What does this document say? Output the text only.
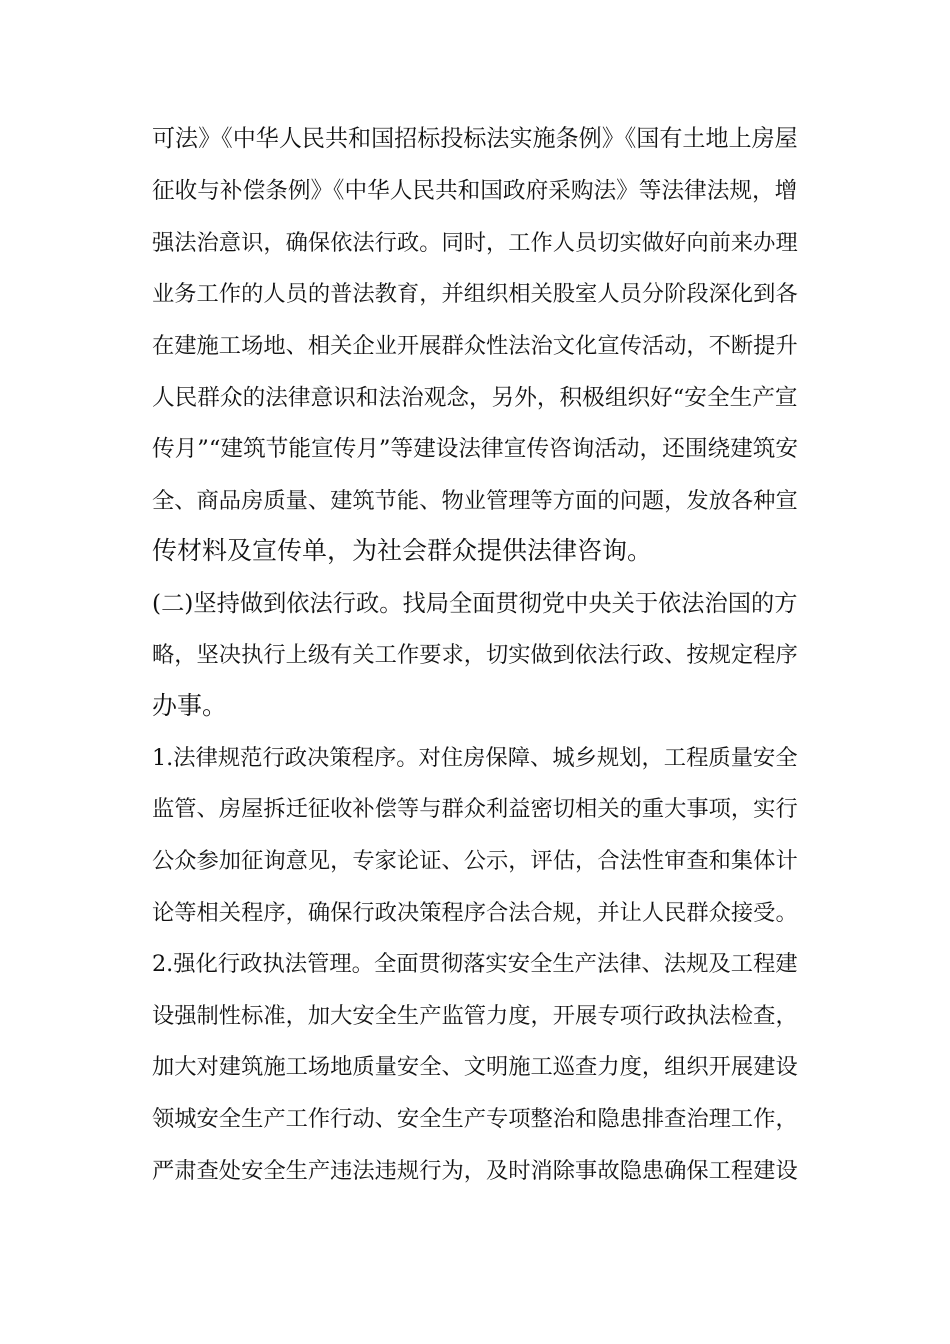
可法》《中华人民共和国招标投标法实施条例》《国有土地上房屋
征收与补偿条例》《中华人民共和国政府采购法》等法律法规，增
强法治意识，确保依法行政。同时，工作人员切实做好向前来办理
业务工作的人员的普法教育，并组织相关股室人员分阶段深化到各
在建施工场地、相关企业开展群众性法治文化宣传活动，不断提升
人民群众的法律意识和法治观念，另外，积极组织好“安全生产宣
传月”“建筑节能宣传月”等建设法律宣传咨询活动，还围绕建筑安
全、商品房质量、建筑节能、物业管理等方面的问题，发放各种宣
传材料及宣传单，为社会群众提供法律咨询。
(二)坚持做到依法行政。找局全面贯彻党中央关于依法治国的方
略，坚决执行上级有关工作要求，切实做到依法行政、按规定程序
办事。
1.法律规范行政决策程序。对住房保障、城乡规划，工程质量安全
监管、房屋拆迁征收补偿等与群众利益密切相关的重大事项，实行
公众参加征询意见，专家论证、公示，评估，合法性审查和集体计
论等相关程序，确保行政决策程序合法合规，并让人民群众接受。
2.强化行政执法管理。全面贯彻落实安全生产法律、法规及工程建
设强制性标准，加大安全生产监管力度，开展专项行政执法检查，
加大对建筑施工场地质量安全、文明施工巡查力度，组织开展建设
领城安全生产工作行动、安全生产专项整治和隐患排查治理工作，
严肃查处安全生产违法违规行为，及时消除事故隐患确保工程建设
